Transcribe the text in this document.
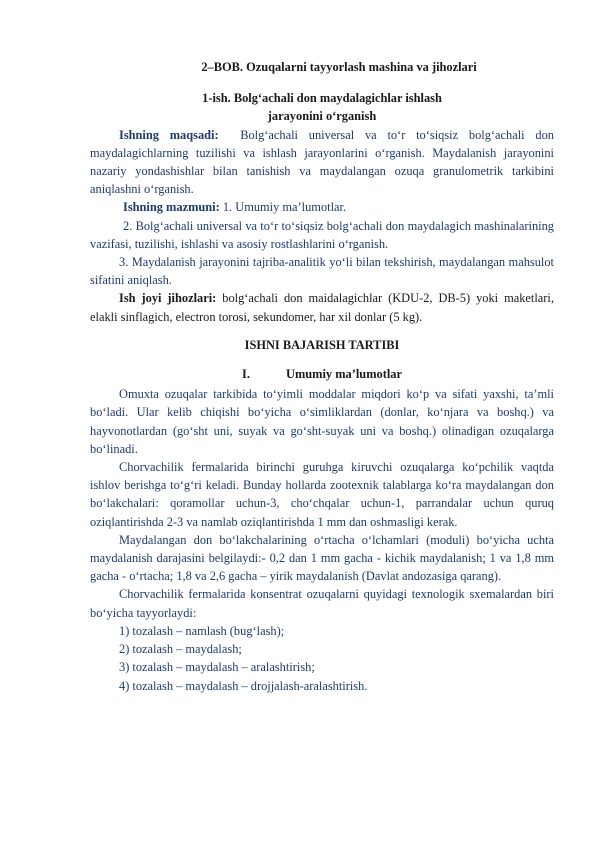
2–BOB. Ozuqalarni tayyorlash mashina va jihozlari

1-ish. Bolg‘achali don maydalagichlar ishlash

jarayonini o‘rganish

Ishning maqsadi: Bolg‘achali universal va to‘r to‘siqsiz bolg‘achali don maydalagichlarning tuzilishi va ishlash jarayonlarini o‘rganish. Maydalanish jarayonini nazariy yondashishlar bilan tanishish va maydalangan ozuqa granulometrik tarkibini aniqlashni o‘rganish.

Ishning mazmuni: 1. Umumiy ma’lumotlar.

2. Bolg‘achali universal va to‘r to‘siqsiz bolg‘achali don maydalagich mashinalarining vazifasi, tuzilishi, ishlashi va asosiy rostlashlarini o‘rganish.

3. Maydalanish jarayonini tajriba-analitik yo‘li bilan tekshirish, maydalangan mahsulot sifatini aniqlash.

Ish joyi jihozlari: bolg‘achali don maidalagichlar (KDU-2, DB-5) yoki maketlari, elakli sinflagich, electron torosi, sekundomer, har xil donlar (5 kg).

ISHNI BAJARISH TARTIBI

I.	Umumiy ma’lumotlar

Omuxta ozuqalar tarkibida to‘yimli moddalar miqdori ko‘p va sifati yaxshi, ta’mli bo‘ladi. Ular kelib chiqishi bo‘yicha o‘simliklardan (donlar, ko‘njara va boshq.) va hayvonotlardan (go‘sht uni, suyak va go‘sht-suyak uni va boshq.) olinadigan ozuqalarga bo‘linadi.

Chorvachilik fermalarida birinchi guruhga kiruvchi ozuqalarga ko‘pchilik vaqtda ishlov berishga to‘g‘ri keladi. Bunday hollarda zootexnik talablarga ko‘ra maydalangan don bo‘lakchalari: qoramollar uchun-3, cho‘chqalar uchun-1, parrandalar uchun quruq oziqlantirishda 2-3 va namlab oziqlantirishda 1 mm dan oshmasligi kerak.

Maydalangan don bo‘lakchalarining o‘rtacha o‘lchamlari (moduli) bo‘yicha uchta maydalanish darajasini belgilaydi:- 0,2 dan 1 mm gacha - kichik maydalanish; 1 va 1,8 mm gacha - o‘rtacha; 1,8 va 2,6 gacha – yirik maydalanish (Davlat andozasiga qarang).

Chorvachilik fermalarida konsentrat ozuqalarni quyidagi texnologik sxemalardan biri bo‘yicha tayyorlaydi:

1) tozalash – namlash (bug‘lash);
2) tozalash – maydalash;
3) tozalash – maydalash – aralashtirish;
4) tozalash – maydalash – drojjalash-aralashtirish.
